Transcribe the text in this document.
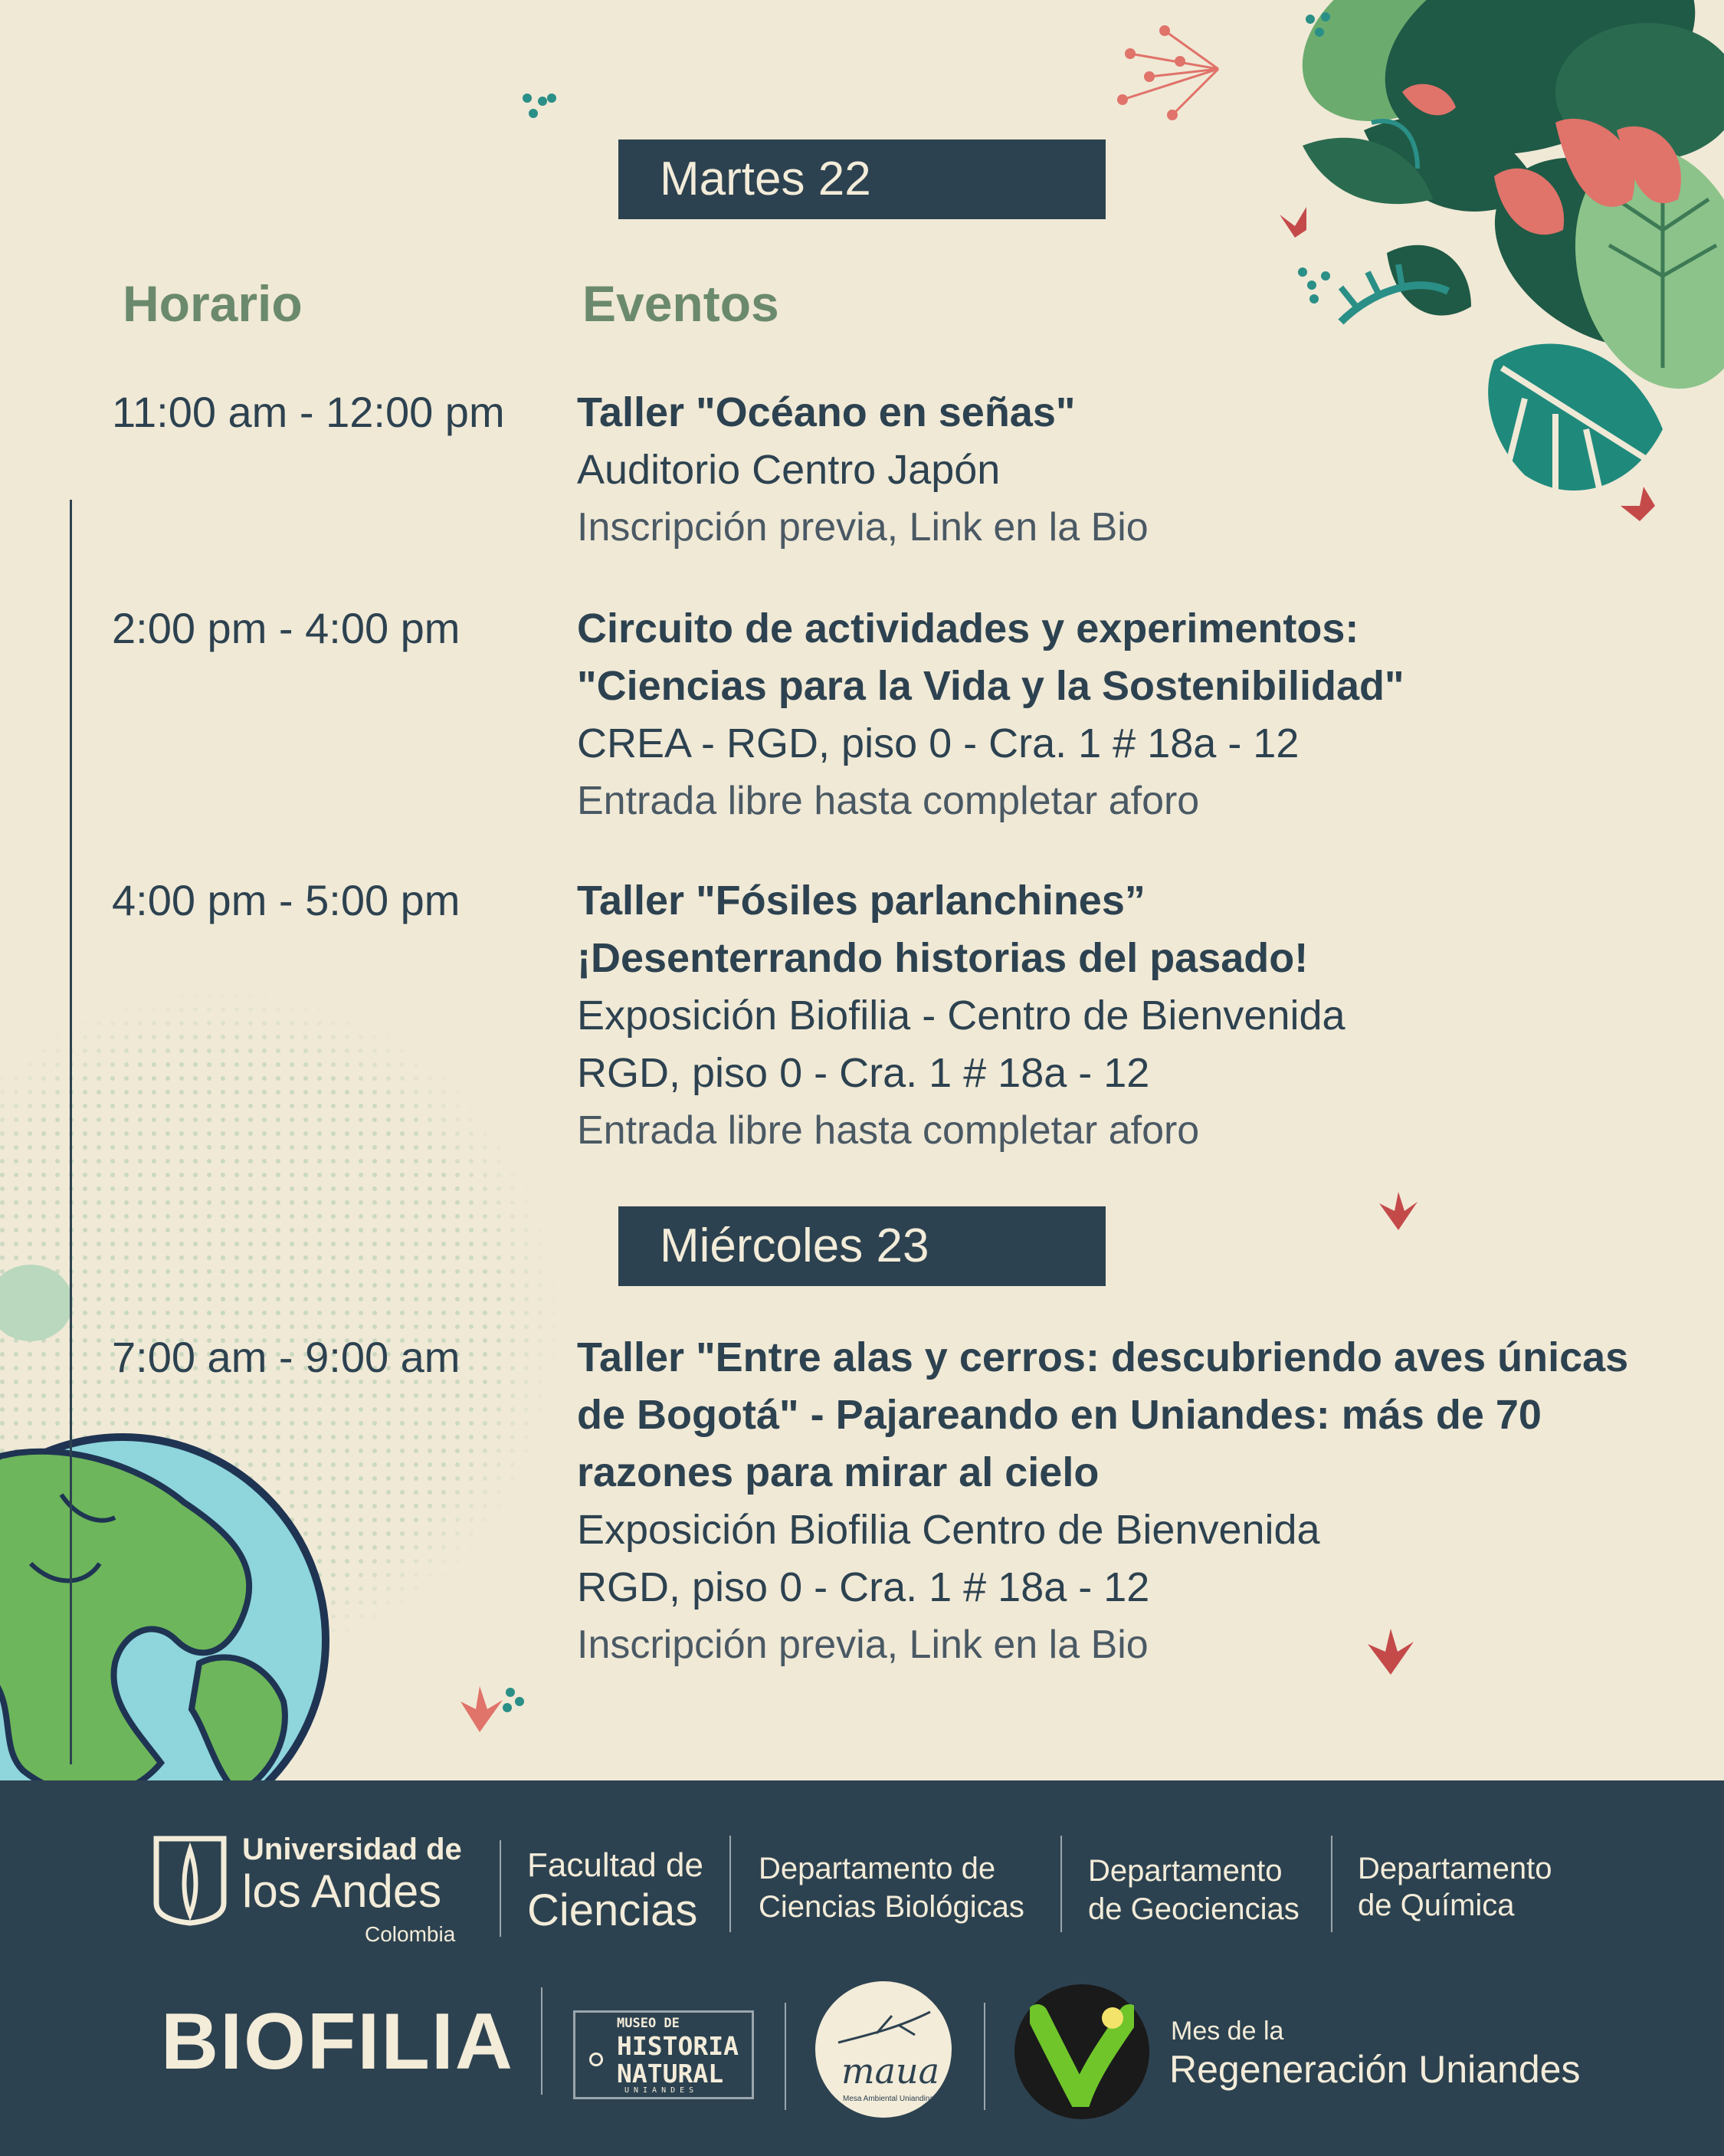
Martes 22
Horario	Eventos
11:00 am - 12:00 pm Taller "Océano en señas"
Auditorio Centro Japón
Inscripción previa, Link en la Bio
2:00 pm - 4:00 pm	Circuito de actividades y experimentos:
"Ciencias para la Vida y la Sostenibilidad"
CREA - RGD, piso 0 - Cra. 1 # 18a - 12
Entrada libre hasta completar aforo
4:00 pm - 5:00 pm	Taller "Fósiles parlanchines”
¡Desenterrando historias del pasado!
Exposición Biofilia - Centro de Bienvenida
RGD, piso 0 - Cra. 1 # 18a - 12
Entrada libre hasta completar aforo
Miércoles 23
7:00 am - 9:00 am	Taller "Entre alas y cerros: descubriendo aves únicas
de Bogotá" - Pajareando en Uniandes: más de 70
razones para mirar al cielo
Exposición Biofilia Centro de Bienvenida
RGD, piso 0 - Cra. 1 # 18a - 12
Inscripción previa, Link en la Bio
Universidad de
los Andes
Colombia
Facultad de
Ciencias
Departamento de
Ciencias Biológicas
Departamento
de Geociencias
Departamento
de Química
BIOFILIA	MUSEO DE
HISTORIA
NATURAL
UNIANDES	maua
Mesa Ambiental Uniandina
Mes de la
Regeneración Uniandes
